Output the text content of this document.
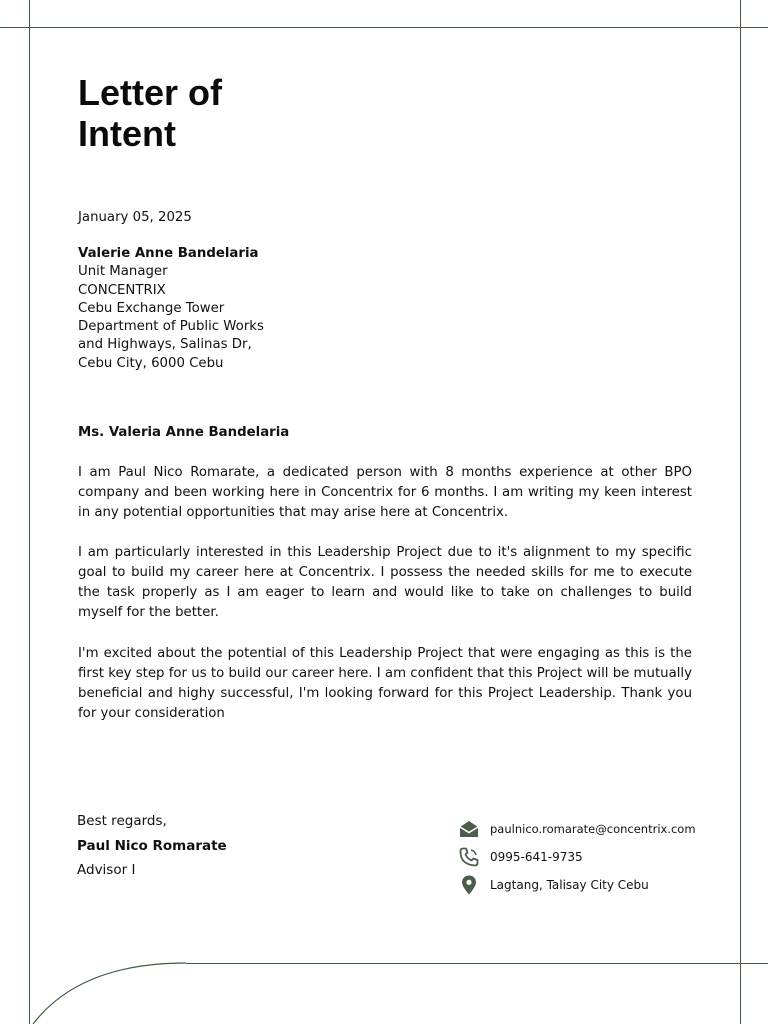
Letter of
Intent
January 05, 2025
Valerie Anne Bandelaria
Unit Manager
CONCENTRIX
Cebu Exchange Tower
Department of Public Works
and Highways, Salinas Dr,
Cebu City, 6000 Cebu
Ms. Valeria Anne Bandelaria

I am Paul Nico Romarate, a dedicated person with 8 months experience at other BPO company and been working here in Concentrix for 6 months. I am writing my keen interest in any potential opportunities that may arise here at Concentrix.

I am particularly interested in this Leadership Project due to it's alignment to my specific goal to build my career here at Concentrix. I possess the needed skills for me to execute the task properly as I am eager to learn and would like to take on challenges to build myself for the better.

I'm excited about the potential of this Leadership Project that were engaging as this is the first key step for us to build our career here. I am confident that this Project will be mutually beneficial and highy successful, I'm looking forward for this Project Leadership. Thank you for your consideration

Best regards,
Paul Nico Romarate
Advisor I
paulnico.romarate@concentrix.com
0995-641-9735
Lagtang, Talisay City Cebu
